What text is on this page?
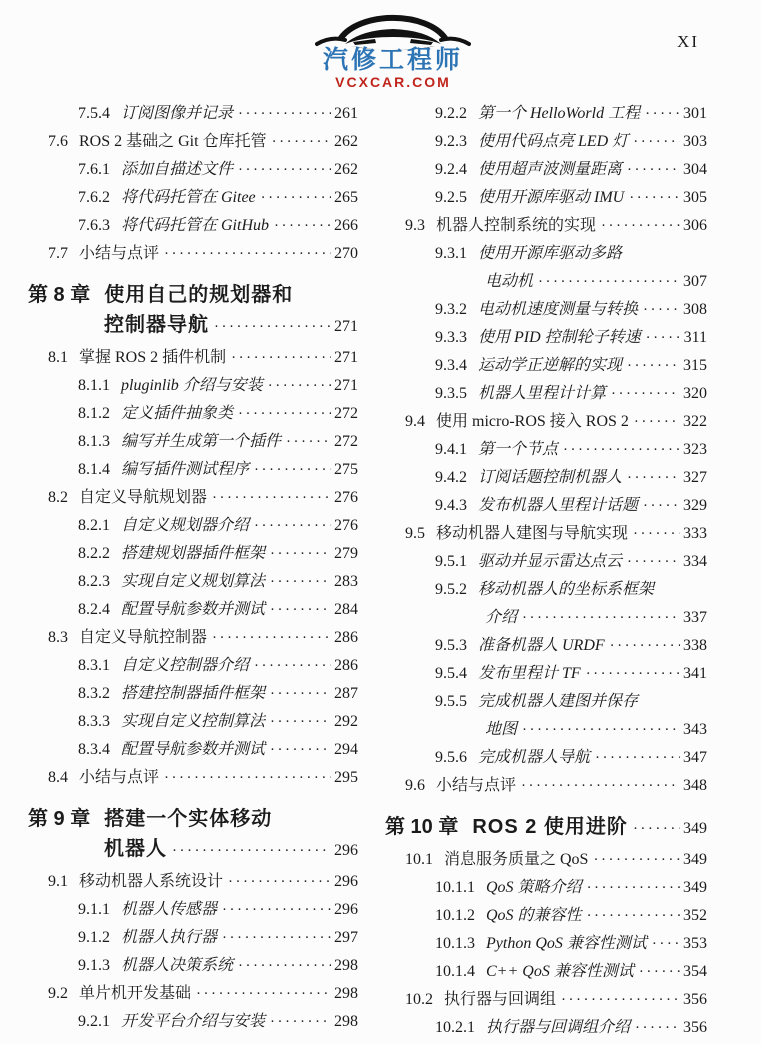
汽修工程师
VCXCAR.COM
XI
7.5.4 订阅图像并记录 ·····	261
7.6 ROS 2 基础之 Git 仓库托管 ·····	262
7.6.1 添加自描述文件 ·····	262
7.6.2 将代码托管在 Gitee ·····	265
7.6.3 将代码托管在 GitHub ·····	266
7.7 小结与点评 ·····	270
第 8 章 使用自己的规划器和
控制器导航 ·····	271
8.1 掌握 ROS 2 插件机制 ·····	271
8.1.1 pluginlib 介绍与安装 ·····	271
8.1.2 定义插件抽象类 ·····	272
8.1.3 编写并生成第一个插件 ·····	272
8.1.4 编写插件测试程序 ·····	275
8.2 自定义导航规划器 ·····	276
8.2.1 自定义规划器介绍 ·····	276
8.2.2 搭建规划器插件框架 ·····	279
8.2.3 实现自定义规划算法 ·····	283
8.2.4 配置导航参数并测试 ·····	284
8.3 自定义导航控制器 ·····	286
8.3.1 自定义控制器介绍 ·····	286
8.3.2 搭建控制器插件框架 ·····	287
8.3.3 实现自定义控制算法 ·····	292
8.3.4 配置导航参数并测试 ·····	294
8.4 小结与点评 ·····	295
第 9 章 搭建一个实体移动
机器人 ·····	296
9.1 移动机器人系统设计 ·····	296
9.1.1 机器人传感器 ·····	296
9.1.2 机器人执行器 ·····	297
9.1.3 机器人决策系统 ·····	298
9.2 单片机开发基础 ·····	298
9.2.1 开发平台介绍与安装 ·····	298
9.2.2 第一个 HelloWorld 工程 ·····	301
9.2.3 使用代码点亮 LED 灯 ·····	303
9.2.4 使用超声波测量距离 ·····	304
9.2.5 使用开源库驱动 IMU ·····	305
9.3 机器人控制系统的实现 ·····	306
9.3.1 使用开源库驱动多路
电动机 ·····	307
9.3.2 电动机速度测量与转换 ·····	308
9.3.3 使用 PID 控制轮子转速 ·····	311
9.3.4 运动学正逆解的实现 ·····	315
9.3.5 机器人里程计计算 ·····	320
9.4 使用 micro-ROS 接入 ROS 2 ·····	322
9.4.1 第一个节点 ·····	323
9.4.2 订阅话题控制机器人 ·····	327
9.4.3 发布机器人里程计话题 ·····	329
9.5 移动机器人建图与导航实现 ·····	333
9.5.1 驱动并显示雷达点云 ·····	334
9.5.2 移动机器人的坐标系框架
介绍 ·····	337
9.5.3 准备机器人 URDF ·····	338
9.5.4 发布里程计 TF ·····	341
9.5.5 完成机器人建图并保存
地图 ·····	343
9.5.6 完成机器人导航 ·····	347
9.6 小结与点评 ·····	348
第 10 章 ROS 2 使用进阶 ·····	349
10.1 消息服务质量之 QoS ·····	349
10.1.1 QoS 策略介绍 ·····	349
10.1.2 QoS 的兼容性 ·····	352
10.1.3 Python QoS 兼容性测试 ····· 353
10.1.4 C++ QoS 兼容性测试 ·····	354
10.2 执行器与回调组 ·····	356
10.2.1 执行器与回调组介绍 ·····	356
